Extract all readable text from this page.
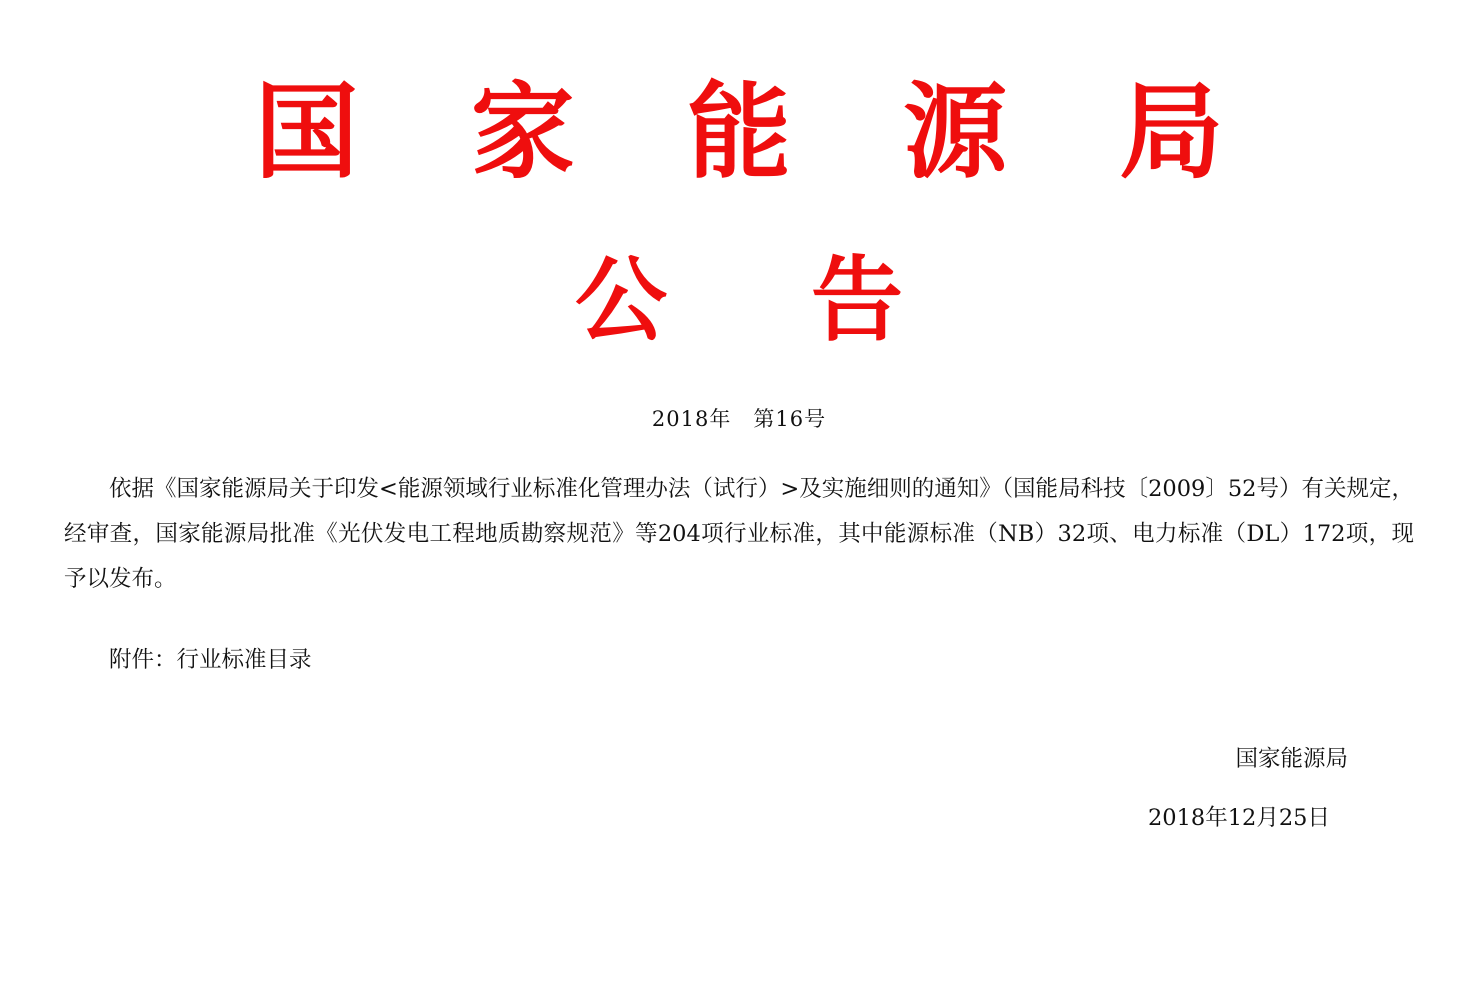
国 家 能 源 局
公 告
2018年 第16号

依据《国家能源局关于印发<能源领域行业标准化管理办法（试行）>及实施细则的通知》（国能局科技〔2009〕52号）有关规定，经审查，国家能源局批准《光伏发电工程地质勘察规范》等204项行业标准，其中能源标准（NB）32项、电力标准（DL）172项，现予以发布。

附件：行业标准目录
国家能源局
2018年12月25日
